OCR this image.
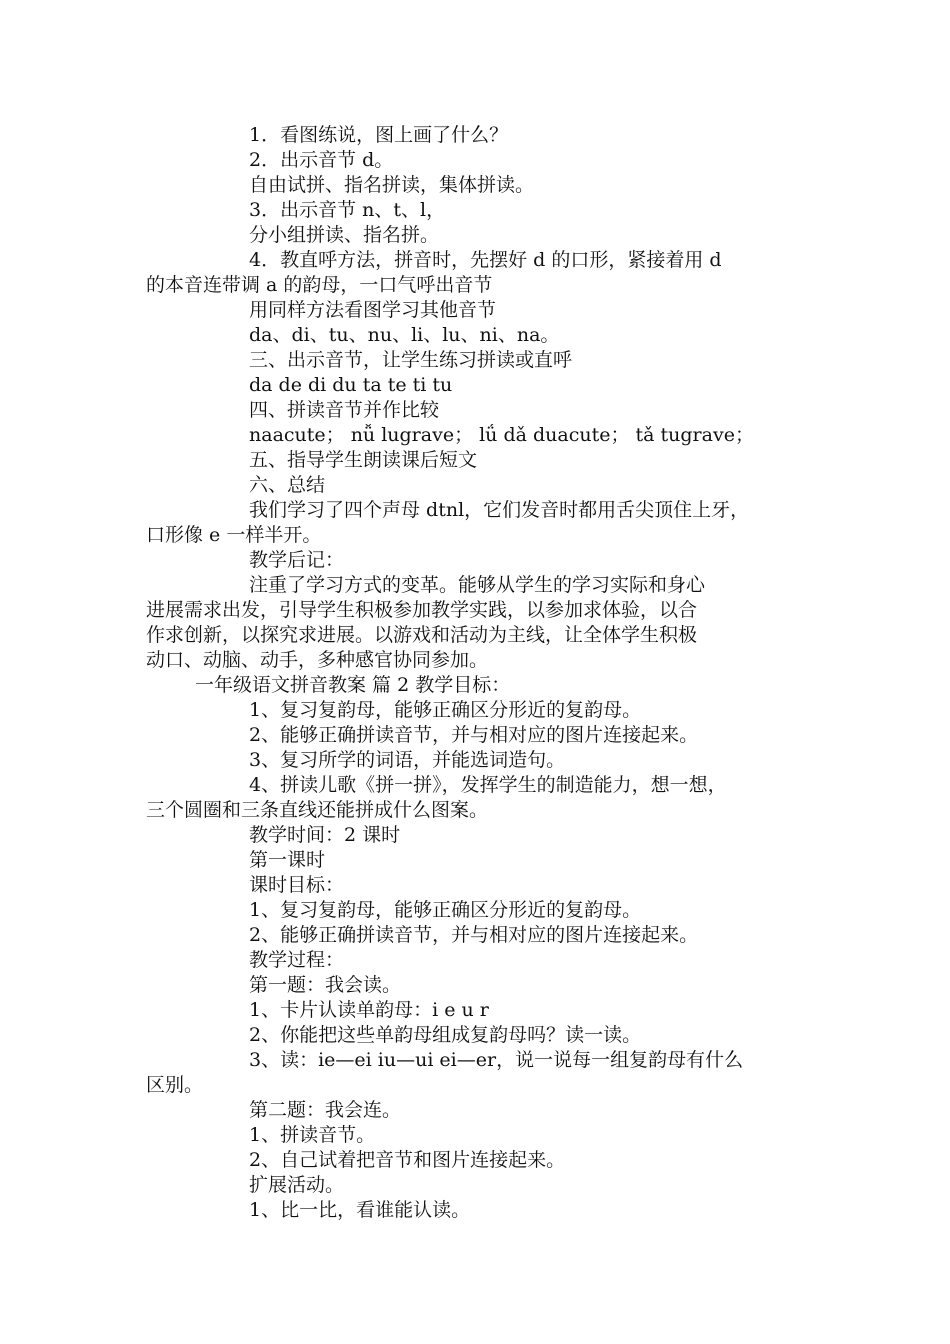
1．看图练说，图上画了什么？
2．出示音节 d。
自由试拼、指名拼读，集体拼读。
3．出示音节 n、t、l，
分小组拼读、指名拼。
4．教直呼方法，拼音时，先摆好 d 的口形，紧接着用 d
的本音连带调 a 的韵母，一口气呼出音节
用同样方法看图学习其他音节
da、di、tu、nu、li、lu、ni、na。
三、出示音节，让学生练习拼读或直呼
da de di du ta te ti tu
四、拼读音节并作比较
naacute； nǚ lugrave； lǘ dǎ duacute； tǎ tugrave；
五、指导学生朗读课后短文
六、总结
我们学习了四个声母 dtnl，它们发音时都用舌尖顶住上牙，
口形像 e 一样半开。
教学后记：
注重了学习方式的变革。能够从学生的学习实际和身心
进展需求出发，引导学生积极参加教学实践，以参加求体验，以合
作求创新，以探究求进展。以游戏和活动为主线，让全体学生积极
动口、动脑、动手，多种感官协同参加。
一年级语文拼音教案 篇 2 教学目标：
1、复习复韵母，能够正确区分形近的复韵母。
2、能够正确拼读音节，并与相对应的图片连接起来。
3、复习所学的词语，并能选词造句。
4、拼读儿歌《拼一拼》，发挥学生的制造能力，想一想，
三个圆圈和三条直线还能拼成什么图案。
教学时间：2 课时
第一课时
课时目标：
1、复习复韵母，能够正确区分形近的复韵母。
2、能够正确拼读音节，并与相对应的图片连接起来。
教学过程：
第一题：我会读。
1、卡片认读单韵母：i e u r
2、你能把这些单韵母组成复韵母吗？读一读。
3、读：ie—ei iu—ui ei—er，说一说每一组复韵母有什么
区别。
第二题：我会连。
1、拼读音节。
2、自己试着把音节和图片连接起来。
扩展活动。
1、比一比，看谁能认读。
